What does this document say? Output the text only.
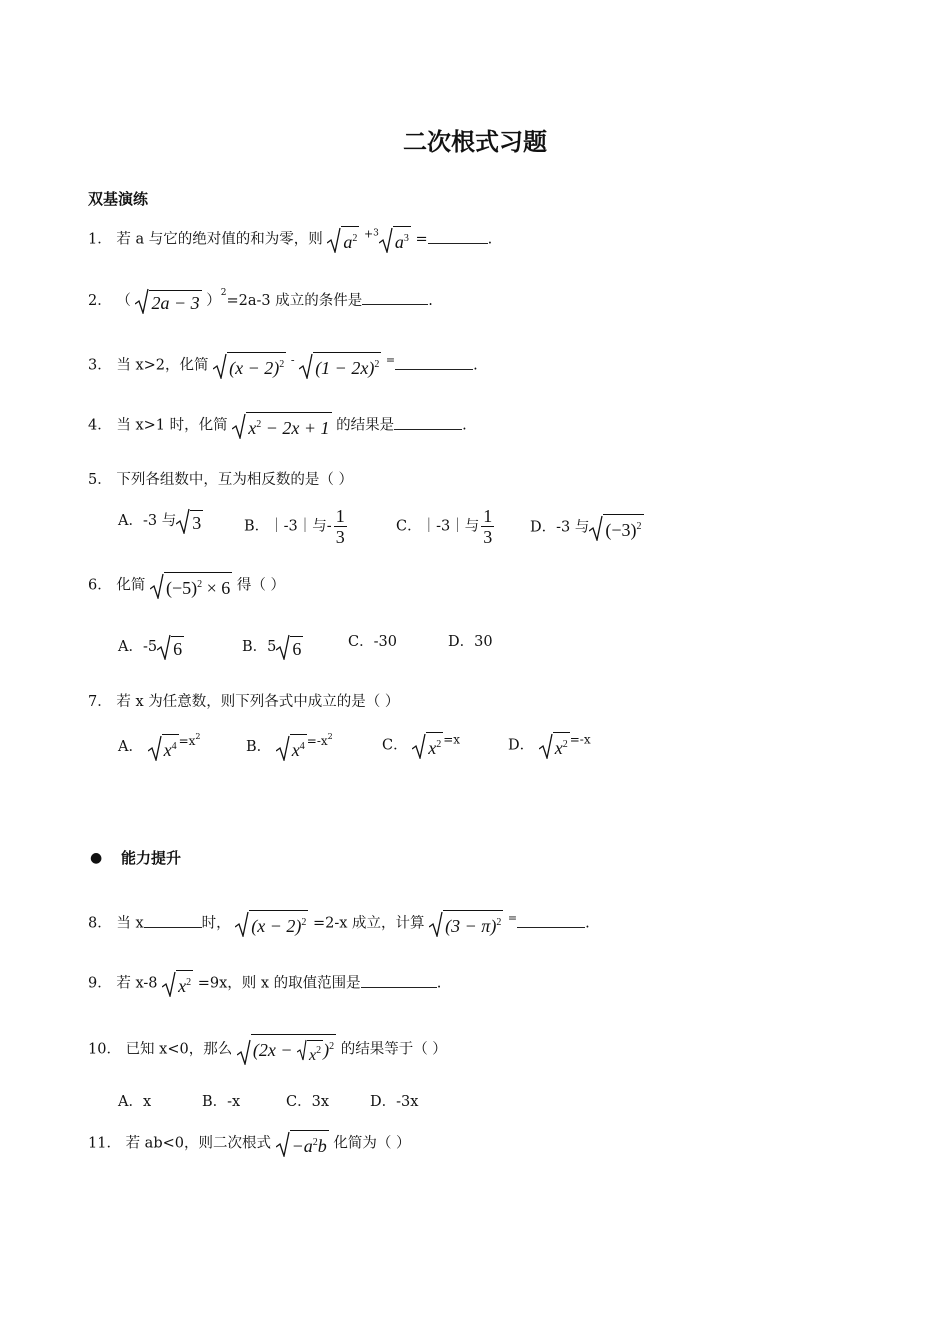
二次根式习题
双基演练
1． 若 a 与它的绝对值的和为零，则 $a^2$ $^{+3}$ $a^3$ =	.
2． （ 2a − 3 ）$^2$=2a-3 成立的条件是	.
3． 当 x>2，化简 $(x - 2)^2$ - $(1 - 2x)^2$ =	.
4． 当 x>1 时，化简 $x^2 - 2x + 1$ 的结果是	.
5． 下列各组数中，互为相反数的是（ ）
A．-3 与 3	B．｜-3｜与- $\frac{1}{3}$	C．｜-3｜与 $\frac{1}{3}$ D．-3 与 $(-3)^2$
6． 化简 $(-5)^2 \times 6$ 得（ ）
A．-5 6	B．5 6	C．-30	D．30
7． 若 x 为任意数，则下列各式中成立的是（ ）
A． $x^4$ $^{=x2}$
B． $x^4$ $^{=-x2}$
C． $x^2$ $^{=x}$	D． $x^2$ $^{=-x}$
● 能力提升
8． 当 x	时， $(x - 2)^2 =2-x$ 成立，计算 $(3 - \pi)^2$ =	.
9． 若 x-8 $x^2 =9x$，则 x 的取值范围是	.
10． 已知 x<0，那么 ($2x - x^2$ )$^2$ 的结果等于（ ）
A．x	B．-x	C．3x	D．-3x
11． 若 ab<0，则二次根式 $-a^2b$ 化简为（ ）
